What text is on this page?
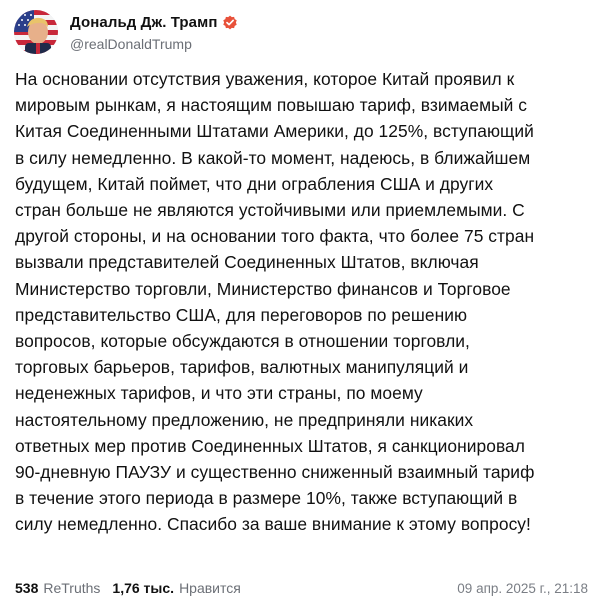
Дональд Дж. Трамп
@realDonaldTrump
На основании отсутствия уважения, которое Китай проявил к
мировым рынкам, я настоящим повышаю тариф, взимаемый с
Китая Соединенными Штатами Америки, до 125%, вступающий
в силу немедленно. В какой-то момент, надеюсь, в ближайшем
будущем, Китай поймет, что дни ограбления США и других
стран больше не являются устойчивыми или приемлемыми. С
другой стороны, и на основании того факта, что более 75 стран
вызвали представителей Соединенных Штатов, включая
Министерство торговли, Министерство финансов и Торговое
представительство США, для переговоров по решению
вопросов, которые обсуждаются в отношении торговли,
торговых барьеров, тарифов, валютных манипуляций и
неденежных тарифов, и что эти страны, по моему
настоятельному предложению, не предприняли никаких
ответных мер против Соединенных Штатов, я санкционировал
90-дневную ПАУЗУ и существенно сниженный взаимный тариф
в течение этого периода в размере 10%, также вступающий в
силу немедленно. Спасибо за ваше внимание к этому вопросу!
538 ReTruths 1,76 тыс. Нравится	09 апр. 2025 г., 21:18
